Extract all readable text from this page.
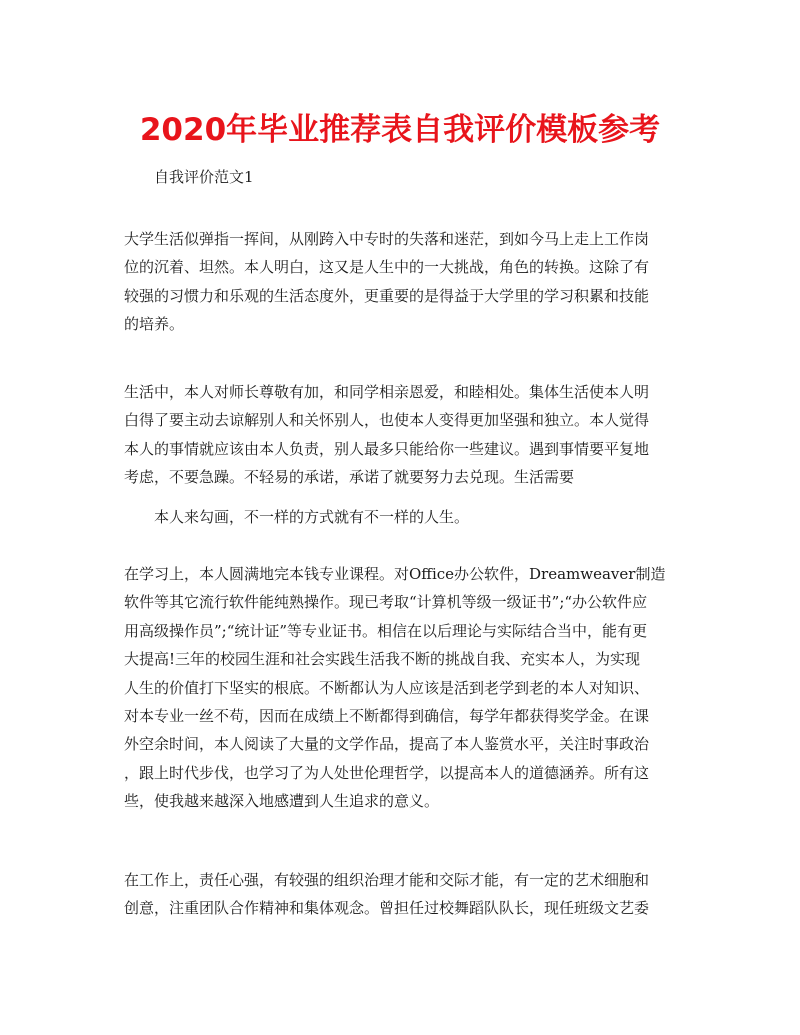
2020年毕业推荐表自我评价模板参考
自我评价范文1
大学生活似弹指一挥间，从刚跨入中专时的失落和迷茫，到如今马上走上工作岗
位的沉着、坦然。本人明白，这又是人生中的一大挑战，角色的转换。这除了有
较强的习惯力和乐观的生活态度外，更重要的是得益于大学里的学习积累和技能
的培养。
生活中，本人对师长尊敬有加，和同学相亲恩爱，和睦相处。集体生活使本人明
白得了要主动去谅解别人和关怀别人，也使本人变得更加坚强和独立。本人觉得
本人的事情就应该由本人负责，别人最多只能给你一些建议。遇到事情要平复地
考虑，不要急躁。不轻易的承诺，承诺了就要努力去兑现。生活需要
本人来勾画，不一样的方式就有不一样的人生。
在学习上，本人圆满地完本钱专业课程。对Office办公软件，Dreamweaver制造
软件等其它流行软件能纯熟操作。现已考取“计算机等级一级证书”;“办公软件应
用高级操作员”;“统计证”等专业证书。相信在以后理论与实际结合当中，能有更
大提高!三年的校园生涯和社会实践生活我不断的挑战自我、充实本人，为实现
人生的价值打下坚实的根底。不断都认为人应该是活到老学到老的本人对知识、
对本专业一丝不苟，因而在成绩上不断都得到确信，每学年都获得奖学金。在课
外空余时间，本人阅读了大量的文学作品，提高了本人鉴赏水平，关注时事政治
，跟上时代步伐，也学习了为人处世伦理哲学，以提高本人的道德涵养。所有这
些，使我越来越深入地感遭到人生追求的意义。
在工作上，责任心强，有较强的组织治理才能和交际才能，有一定的艺术细胞和
创意，注重团队合作精神和集体观念。曾担任过校舞蹈队队长，现任班级文艺委
